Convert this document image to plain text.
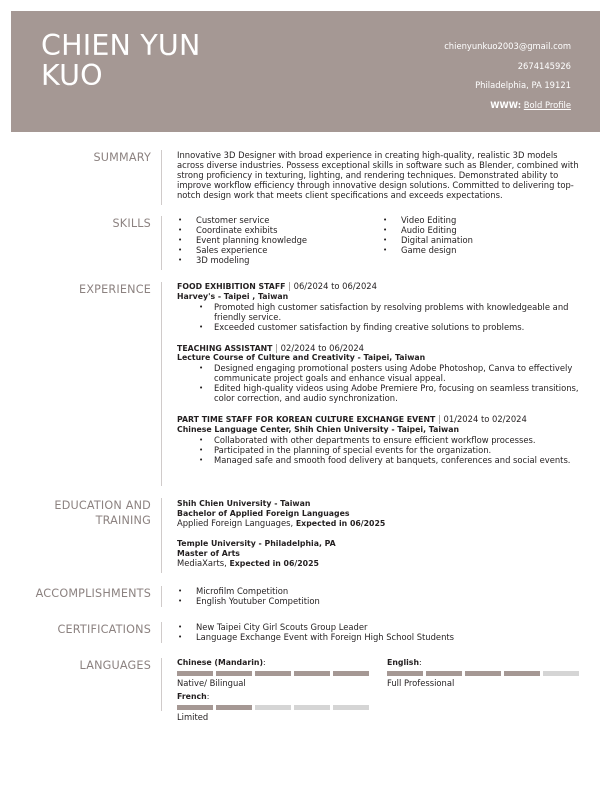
CHIEN YUN
KUO
chienyunkuo2003@gmail.com
2674145926
Philadelphia, PA 19121
WWW: Bold Profile
SUMMARY	Innovative 3D Designer with broad experience in creating high-quality, realistic 3D models across diverse industries. Possess exceptional skills in software such as Blender, combined with strong proficiency in texturing, lighting, and rendering techniques. Demonstrated ability to improve workflow efficiency through innovative design solutions. Committed to delivering top-notch design work that meets client specifications and exceeds expectations.
SKILLS	• Customer service
• Coordinate exhibits
• Event planning knowledge
• Sales experience
• 3D modeling
• Video Editing
• Audio Editing
• Digital animation
• Game design
EXPERIENCE	FOOD EXHIBITION STAFF | 06/2024 to 06/2024
Harvey's - Taipei , Taiwan
• Promoted high customer satisfaction by resolving problems with knowledgeable and friendly service.
• Exceeded customer satisfaction by finding creative solutions to problems.
TEACHING ASSISTANT | 02/2024 to 06/2024
Lecture Course of Culture and Creativity - Taipei, Taiwan
• Designed engaging promotional posters using Adobe Photoshop, Canva to effectively communicate project goals and enhance visual appeal.
• Edited high-quality videos using Adobe Premiere Pro, focusing on seamless transitions, color correction, and audio synchronization.
PART TIME STAFF FOR KOREAN CULTURE EXCHANGE EVENT | 01/2024 to 02/2024
Chinese Language Center, Shih Chien University - Taipei, Taiwan
• Collaborated with other departments to ensure efficient workflow processes.
• Participated in the planning of special events for the organization.
• Managed safe and smooth food delivery at banquets, conferences and social events.
EDUCATION AND
TRAINING
Shih Chien University - Taiwan
Bachelor of Applied Foreign Languages
Applied Foreign Languages, Expected in 06/2025
Temple University - Philadelphia, PA
Master of Arts
MediaXarts, Expected in 06/2025
ACCOMPLISHMENTS	• Microfilm Competition
• English Youtuber Competition
CERTIFICATIONS	• New Taipei City Girl Scouts Group Leader
• Language Exchange Event with Foreign High School Students
LANGUAGES	Chinese (Mandarin):
Native/ Bilingual
English:
Full Professional
French:
Limited
